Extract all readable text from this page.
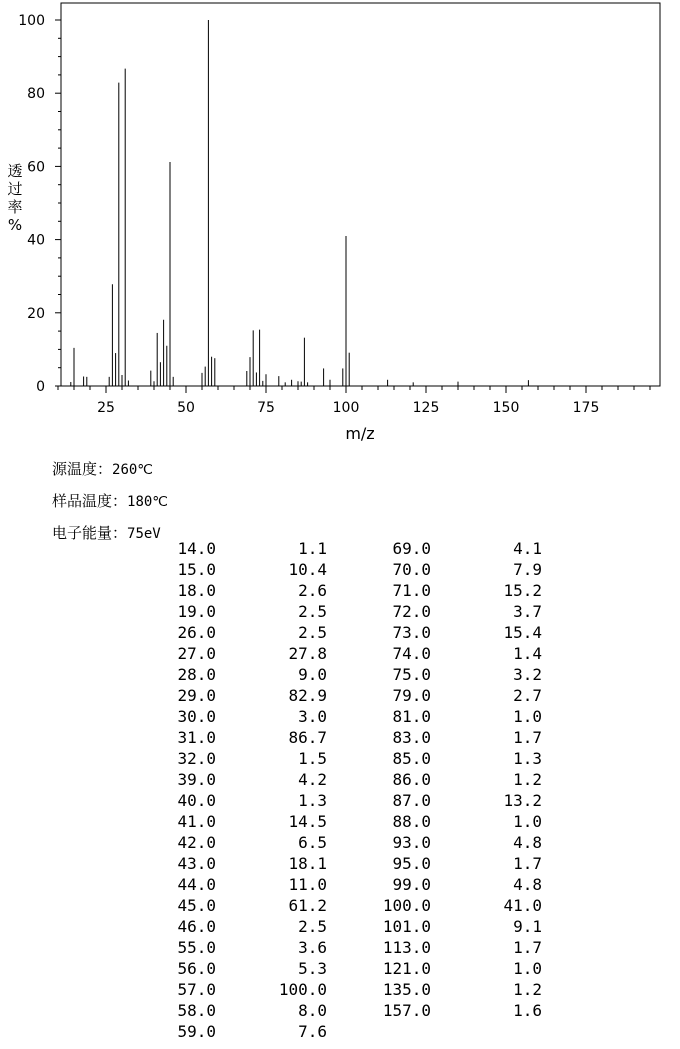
0
20
40
60
80
100
25	50	75	100	125	150	175
m/z
透
过
率
%
源温度：260℃
样品温度：180℃
电子能量：75eV
14.0	1.1	69.0	4.1
15.0	10.4	70.0	7.9
18.0	2.6	71.0	15.2
19.0	2.5	72.0	3.7
26.0	2.5	73.0	15.4
27.0	27.8	74.0	1.4
28.0	9.0	75.0	3.2
29.0	82.9	79.0	2.7
30.0	3.0	81.0	1.0
31.0	86.7	83.0	1.7
32.0	1.5	85.0	1.3
39.0	4.2	86.0	1.2
40.0	1.3	87.0	13.2
41.0	14.5	88.0	1.0
42.0	6.5	93.0	4.8
43.0	18.1	95.0	1.7
44.0	11.0	99.0	4.8
45.0	61.2	100.0	41.0
46.0	2.5	101.0	9.1
55.0	3.6	113.0	1.7
56.0	5.3	121.0	1.0
57.0	100.0	135.0	1.2
58.0	8.0	157.0	1.6
59.0	7.6		
